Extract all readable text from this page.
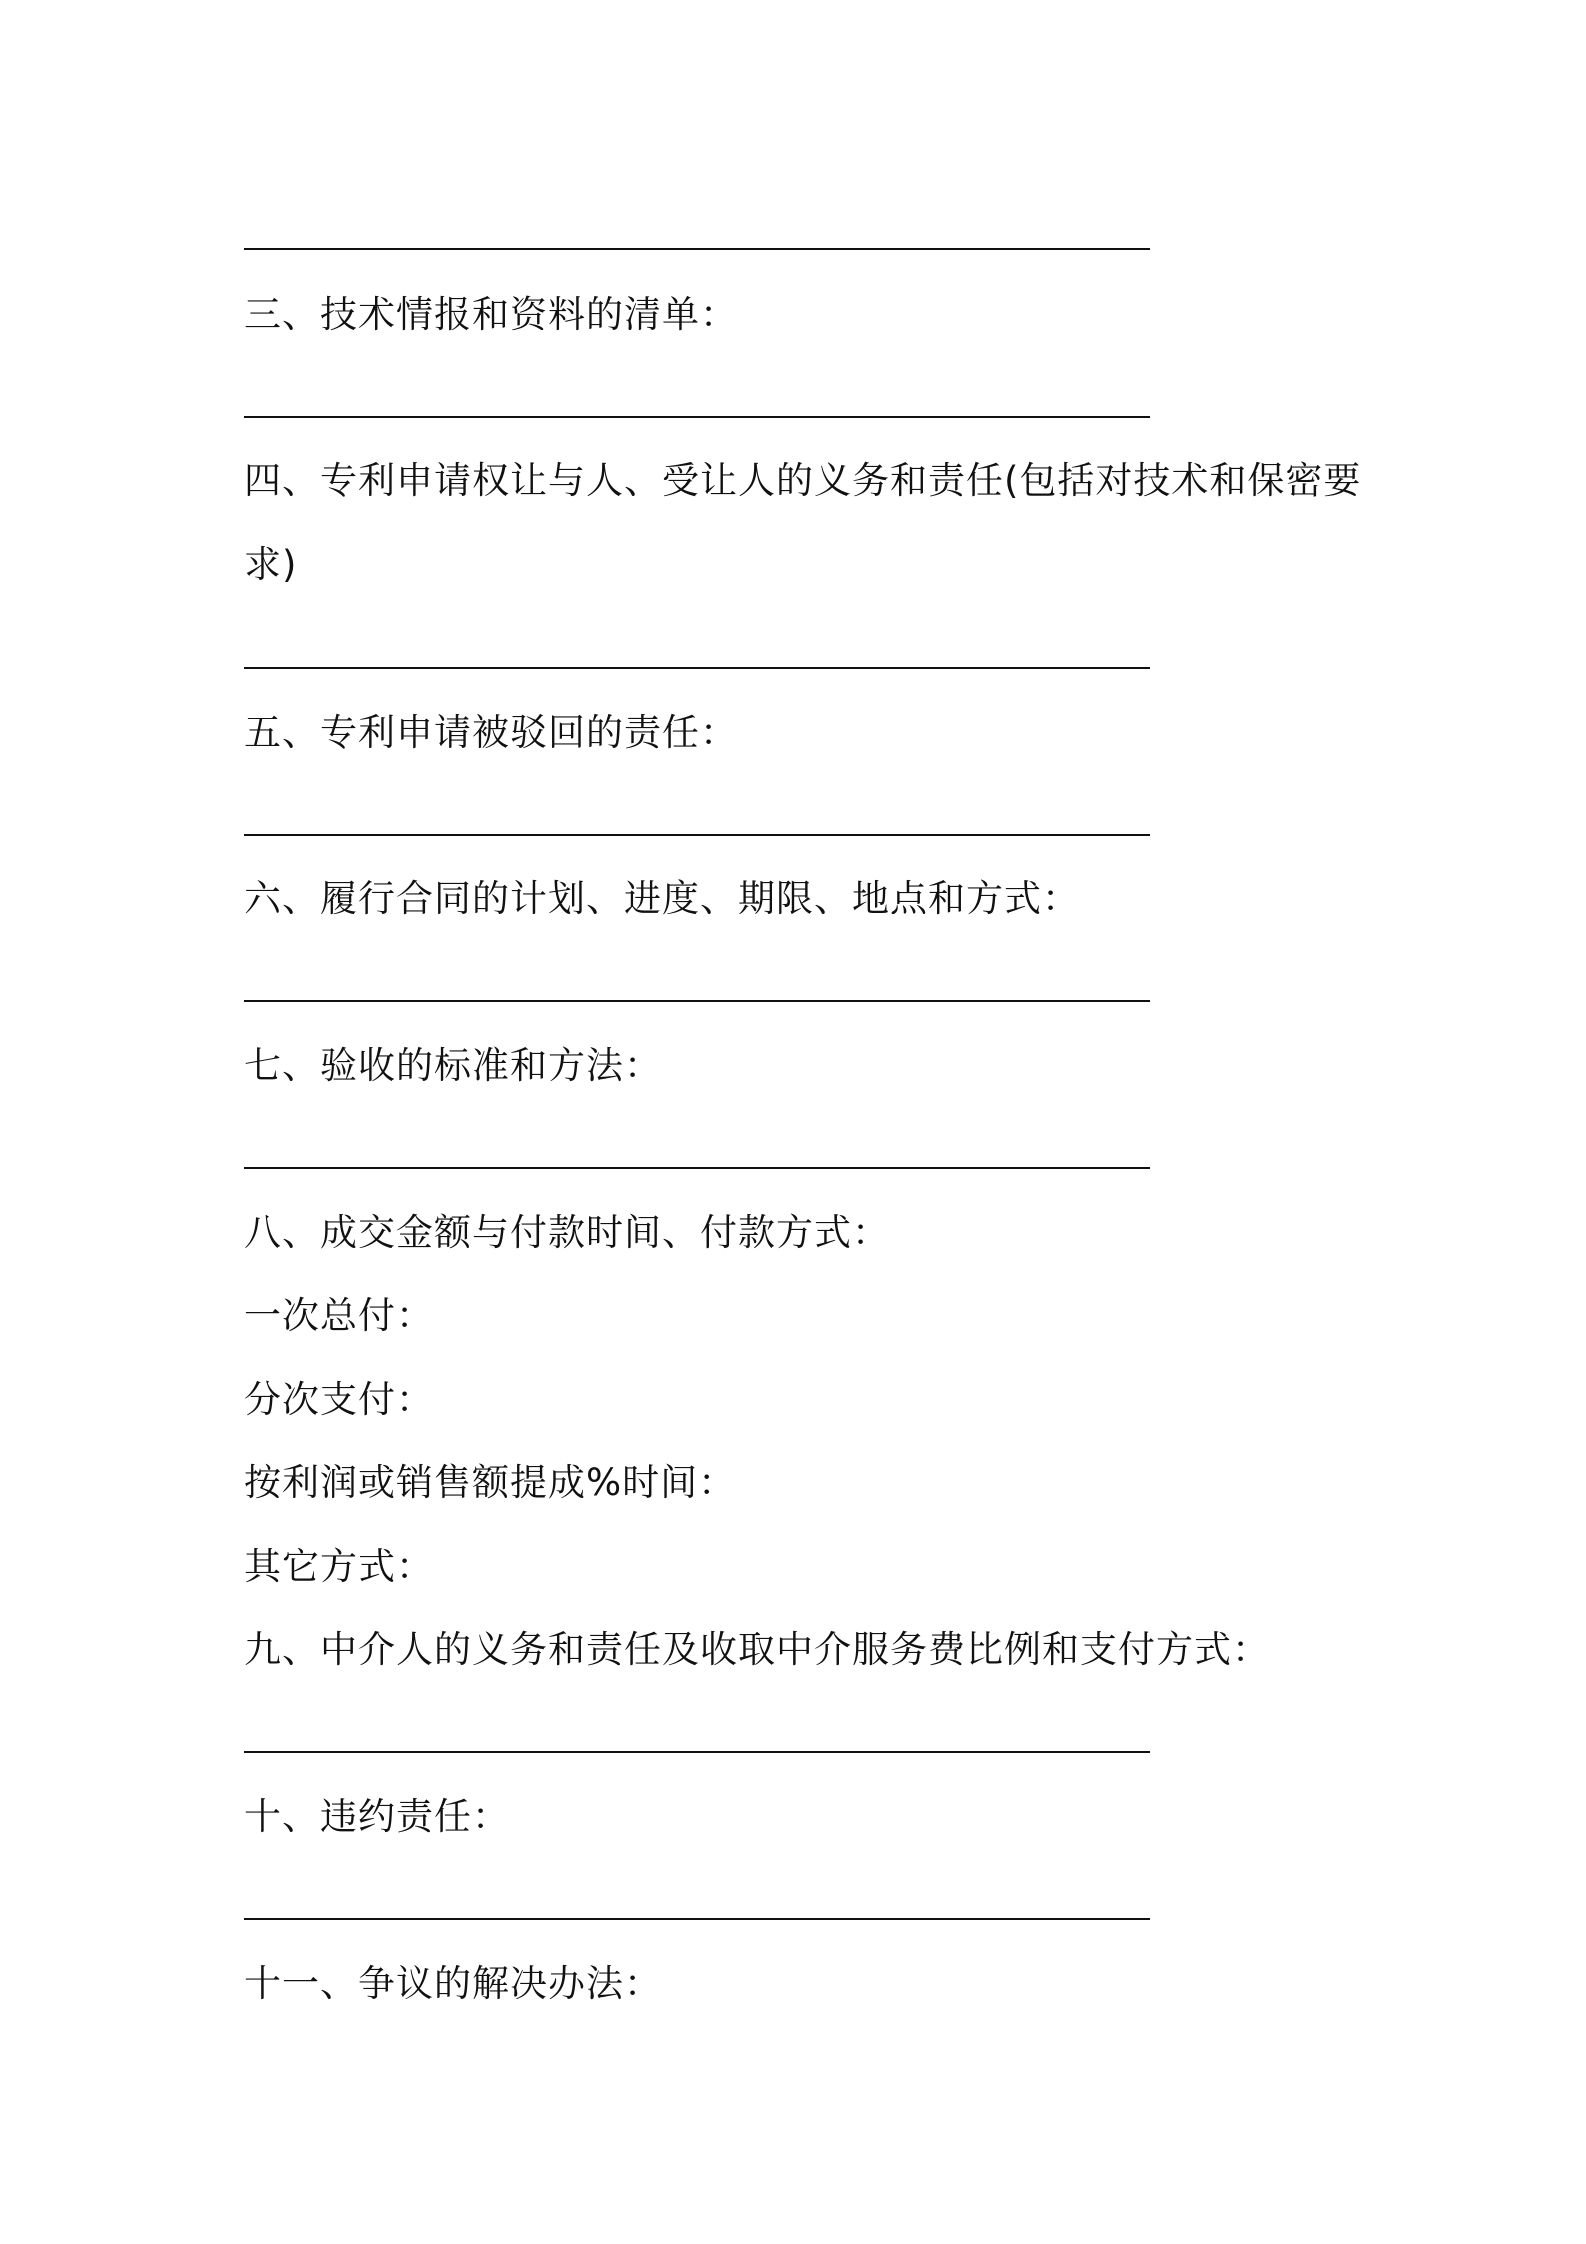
三、技术情报和资料的清单：
四、专利申请权让与人、受让人的义务和责任(包括对技术和保密要
求)
五、专利申请被驳回的责任：
六、履行合同的计划、进度、期限、地点和方式：
七、验收的标准和方法：
八、成交金额与付款时间、付款方式：
一次总付：
分次支付：
按利润或销售额提成%时间：
其它方式：
九、中介人的义务和责任及收取中介服务费比例和支付方式：
十、违约责任：
十一、争议的解决办法：
